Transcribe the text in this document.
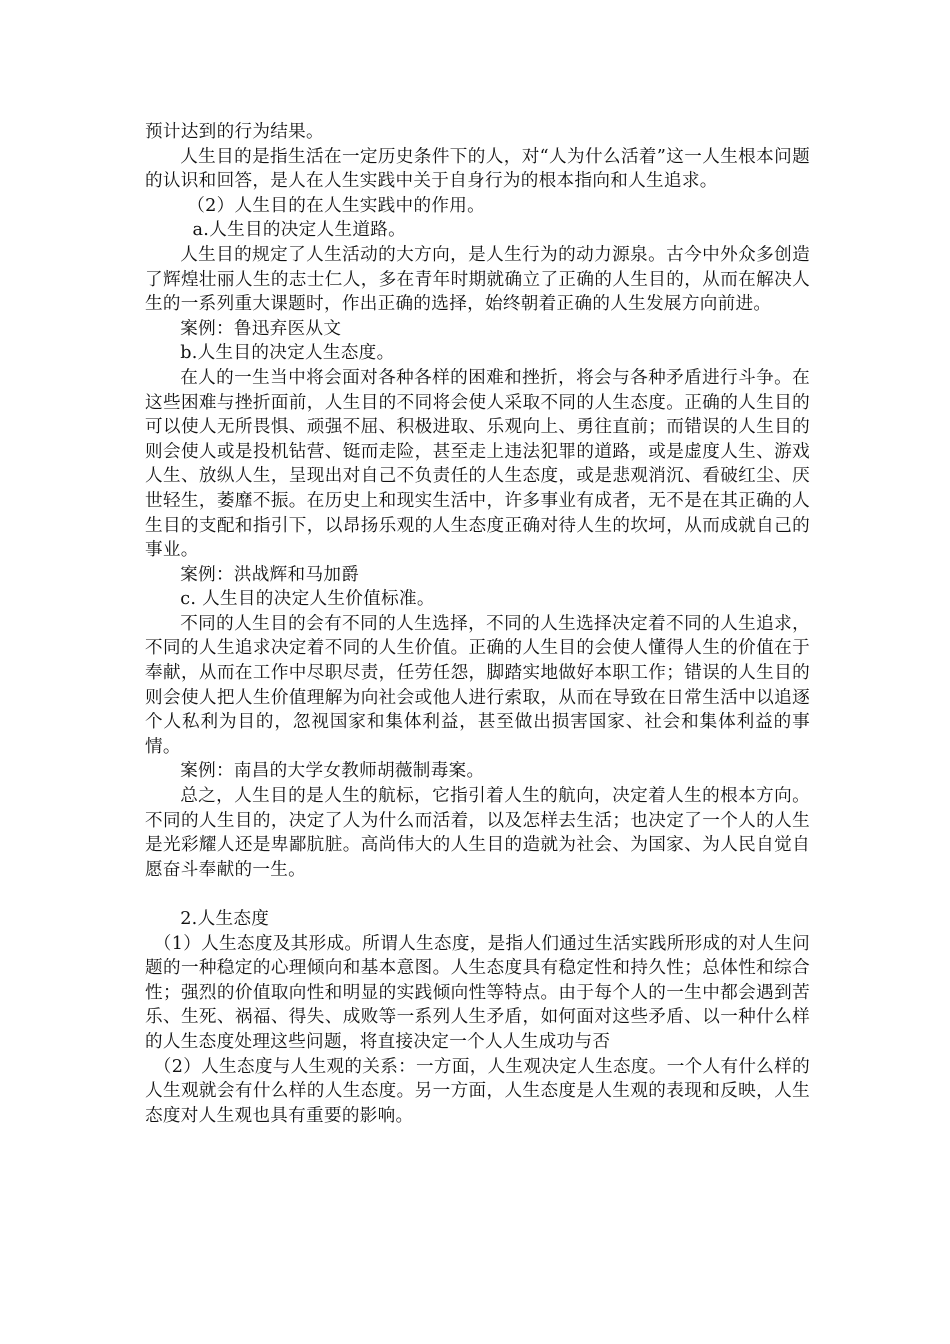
预计达到的行为结果。

人生目的是指生活在一定历史条件下的人，对“人为什么活着”这一人生根本问题的认识和回答，是人在人生实践中关于自身行为的根本指向和人生追求。

（2）人生目的在人生实践中的作用。

a.人生目的决定人生道路。

人生目的规定了人生活动的大方向，是人生行为的动力源泉。古今中外众多创造了辉煌壮丽人生的志士仁人，多在青年时期就确立了正确的人生目的，从而在解决人生的一系列重大课题时，作出正确的选择，始终朝着正确的人生发展方向前进。

案例：鲁迅弃医从文

b.人生目的决定人生态度。

在人的一生当中将会面对各种各样的困难和挫折，将会与各种矛盾进行斗争。在这些困难与挫折面前，人生目的不同将会使人采取不同的人生态度。正确的人生目的可以使人无所畏惧、顽强不屈、积极进取、乐观向上、勇往直前；而错误的人生目的则会使人或是投机钻营、铤而走险，甚至走上违法犯罪的道路，或是虚度人生、游戏人生、放纵人生，呈现出对自己不负责任的人生态度，或是悲观消沉、看破红尘、厌世轻生，萎靡不振。在历史上和现实生活中，许多事业有成者，无不是在其正确的人生目的支配和指引下，以昂扬乐观的人生态度正确对待人生的坎坷，从而成就自己的事业。

案例：洪战辉和马加爵

c. 人生目的决定人生价值标准。

不同的人生目的会有不同的人生选择，不同的人生选择决定着不同的人生追求，不同的人生追求决定着不同的人生价值。正确的人生目的会使人懂得人生的价值在于奉献，从而在工作中尽职尽责，任劳任怨，脚踏实地做好本职工作；错误的人生目的则会使人把人生价值理解为向社会或他人进行索取，从而在导致在日常生活中以追逐个人私利为目的，忽视国家和集体利益，甚至做出损害国家、社会和集体利益的事情。

案例：南昌的大学女教师胡薇制毒案。

总之，人生目的是人生的航标，它指引着人生的航向，决定着人生的根本方向。不同的人生目的，决定了人为什么而活着，以及怎样去生活；也决定了一个人的人生是光彩耀人还是卑鄙肮脏。高尚伟大的人生目的造就为社会、为国家、为人民自觉自愿奋斗奉献的一生。

2.人生态度

（1）人生态度及其形成。所谓人生态度，是指人们通过生活实践所形成的对人生问题的一种稳定的心理倾向和基本意图。人生态度具有稳定性和持久性；总体性和综合性；强烈的价值取向性和明显的实践倾向性等特点。由于每个人的一生中都会遇到苦乐、生死、祸福、得失、成败等一系列人生矛盾，如何面对这些矛盾、以一种什么样的人生态度处理这些问题，将直接决定一个人人生成功与否

（2）人生态度与人生观的关系：一方面，人生观决定人生态度。一个人有什么样的人生观就会有什么样的人生态度。另一方面，人生态度是人生观的表现和反映，人生态度对人生观也具有重要的影响。
